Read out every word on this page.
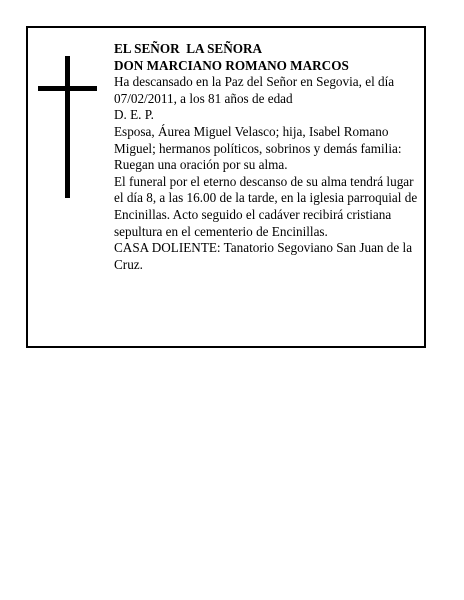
EL SEÑOR  LA SEÑORA

DON MARCIANO ROMANO MARCOS

Ha descansado en la Paz del Señor en Segovia, el día 07/02/2011, a los 81 años de edad

D. E. P.

Esposa, Áurea Miguel Velasco; hija, Isabel Romano Miguel; hermanos políticos, sobrinos y demás familia:

Ruegan una oración por su alma.

El funeral por el eterno descanso de su alma tendrá lugar el día 8, a las 16.00 de la tarde, en la iglesia parroquial de Encinillas. Acto seguido el cadáver recibirá cristiana sepultura en el cementerio de Encinillas.

CASA DOLIENTE: Tanatorio Segoviano San Juan de la Cruz.
